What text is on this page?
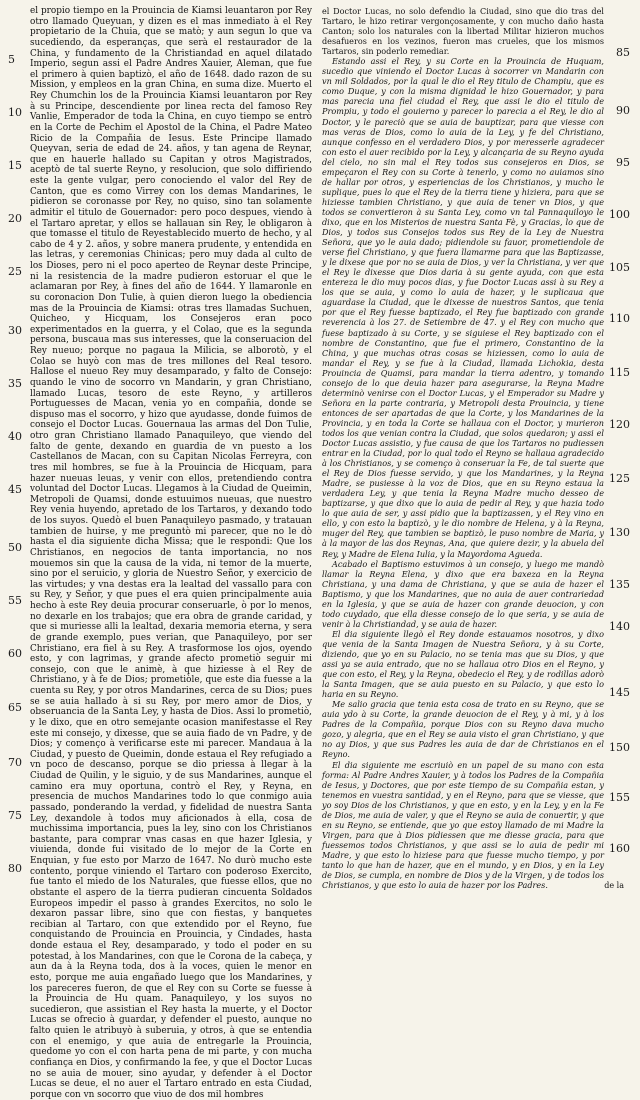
el propio tiempo en la Prouincia de Kiamsi leuantaron por Rey otro llamado Queyuan, y dizen es el mas inmediato à el Rey propietario de la Chuia, que se matò; y aun segun lo que va sucediendo, da esperanças, que serà el restaurador de la China, y fundamento de la Christiandad en aquel dilatado Imperio, segun assi el Padre Andres Xauier, Aleman, que fue el primero à quien baptizò, el año de 1648. dado razon de su Mission, y empleos en la gran China, en suma dize. Muerto el Rey Chumchin los de la Prouincia Kiamsi leuantaron por Rey à su Principe, descendiente por linea recta del famoso Rey Vanlie, Emperador de toda la China, en cuyo tiempo se entrò en la Corte de Pechim el Apostol de la China, el Padre Mateo Ricio de la Compañia de Iesus. Este Principe llamado Queyvan, seria de edad de 24. años, y tan agena de Reynar, que en hauerle hallado su Capitan y otros Magistrados, aceptò de tal suerte Reyno, y resolucion, que solo diffiriendo este la gente vulgar, pero conociendo el valor del Rey de Canton, que es como Virrey con los demas Mandarines, le pidieron se coronasse por Rey, no quiso, sino tan solamente admitir el titulo de Gouernador: pero poco despues, viendo à el Tartaro apretar, y ellos se hallauan sin Rey, le obligaron à que tomasse el titulo de Reyestablecido muerto de hecho, y al cabo de 4 y 2. años, y sobre manera prudente, y entendida en las letras, y ceremonias Chinicas; pero muy dada al culto de los Dioses, pero ni el poco aperteo de Reynar deste Principe, ni la resistencia de la madre pudieron estoruar el que le aclamaran por Rey, à fines del año de 1644. Y llamaronle en su coronacion Don Tulie, à quien dieron luego la obediencia mas de la Prouincia de Kiamsi: otras tres llamadas Suchuen, Quicheo, y Hicquam, los Consejeros eran poco experimentados en la guerra, y el Colao, que es la segunda persona, buscaua mas sus interesses, que la conseruacion del Rey nueuo; porque no pagaua la Milicia, se alborotò, y el Colao se huyò con mas de tres millones del Real tesoro. Hallose el nueuo Rey muy desamparado, y falto de Consejo: quando le vino de socorro vn Mandarin, y gran Christiano, llamado Lucas, tesoro de este Reyno, y artilleros Portuguesses de Macan, venia yo en compañia, donde se dispuso mas el socorro, y hizo que ayudasse, donde fuimos de consejo el Doctor Lucas. Gouernaua las armas del Don Tulie, otro gran Christiano llamado Panaquileyo, que viendo del falto de gente, dexando en guardia de vn puesto a los Castellanos de Macan, con su Capitan Nicolas Ferreyra, con tres mil hombres, se fue à la Prouincia de Hicquam, para hazer nueuas leuas, y venir con ellos, pretendiendo contra voluntad del Doctor Lucas. Llegamos à la Ciudad de Queimin, Metropoli de Quamsi, donde estuuimos nueuas, que nuestro Rey venia huyendo, apretado de los Tartaros, y dexando todo de los suyos. Quedò el buen Panaquileyo pasmado, y tratauan tambien de huirse, y me preguntò mi parecer, que no le dò hasta el dia siguiente dicha Missa; que le respondi: Que los Christianos, en negocios de tanta importancia, no nos mouemos sin que la causa de la vida, ni temor de la muerte, sino por el seruicio, y gloria de Nuestro Señor, y exercicio de las virtudes; y vna destas era la lealtad del vassallo para con su Rey, y Señor, y que pues el era quien principalmente auia hecho à este Rey deuia procurar conseruarle, ò por lo menos, no dexarle en los trabajos; que era obra de grande caridad, y que si muriesse alli la lealtad, dexaria memoria eterna, y sera de grande exemplo, pues verian, que Panaquileyo, por ser Christiano, era fiel à su Rey. A trasformose los ojos, oyendo esto, y con lagrimas, y grande afecto prometiò seguir mi consejo, con que le animè, à que hiziesse à el Rey de Christiano, y à fe de Dios; prometiòle, que este dia fuesse a la cuenta su Rey, y por otros Mandarines, cerca de su Dios; pues se se auia hallado à si su Rey, por mero amor de Dios, y obseruancia de la Santa Ley, y hasta de Dios. Assi lo prometiò, y le dixo, que en otro semejante ocasion manifestasse el Rey este mi consejo, y dixesse, que se auia fiado de vn Padre, y de Dios; y començo à verificarse este mi parecer. Mandaua à la Ciudad, y puesto de Queimin, donde estaua el Rey refugiado a vn poco de descanso, porque se dio priessa à llegar à la Ciudad de Quilin, y le siguio, y de sus Mandarines, aunque el camino era muy oportuna, contrò el Rey, y Reyna, en presencia de muchos Mandarines todo lo que conmigo auia passado, ponderando la verdad, y fidelidad de nuestra Santa Ley, dexandole à todos muy aficionados à ella, cosa de muchissima importancia, pues la ley, sino con los Christianos bastante, para comprar vnas casas en que hazer Iglesia, y viuienda, donde fui visitado de lo mejor de la Corte en Enquian, y fue esto por Marzo de 1647. No durò mucho este contento, porque viniendo el Tartaro con poderoso Exercito, fue tanto el miedo de los Naturales, que fuesse ellos, que no obstante el aspero de la tierra pudieran cincuenta Soldados Europeos impedir el passo à grandes Exercitos, no solo le dexaron passar libre, sino que con fiestas, y banquetes recibian al Tartaro, con que extendido por el Reyno, fue conquistando de Prouincia en Prouincia, y Cindades, hasta donde estaua el Rey, desamparado, y todo el poder en su potestad, à los Mandarines, con que le Corona de la cabeça, y aun da à la Reyna toda, dos à la voces, quien le menor en esto, porque me auia engañado luego que los Mandarines, y los pareceres fueron, de que el Rey con su Corte se fuesse à la Prouincia de Hu quam. Panaquileyo, y los suyos no sucedieron, que assistian el Rey hasta la muerte, y el Doctor Lucas se ofrecio à guardar, y defender el puesto, aunque no falto quien le atribuyò à suberuia, y otros, à que se entendia con el enemigo, y que auia de entregarle la Prouincia, quedome yo con el con harta pena de mi parte, y con mucha confiança en Dios, y confirmando la fee, y que el Doctor Lucas no se auia de mouer, sino ayudar, y defender à el Doctor Lucas se deue, el no auer el Tartaro entrado en esta Ciudad, porque con vn socorro que viuo de dos mil hombres

5
10
15
20
25
30
35
40
45
50
55
60
65
70
75
80

el Doctor Lucas, no solo defendio la Ciudad, sino que dio tras del Tartaro, le hizo retirar vergonçosamente, y con mucho daño hasta Canton; solo los naturales con la libertad Militar hizieron muchos desafueros en los vezinos, fueron mas crueles, que los mismos Tartaros, sin poderlo remediar.

Estando assi el Rey, y su Corte en la Prouincia de Huquam, sucedio que viniendo el Doctor Lucas à socorrer vn Mandarin con vn mil Soldados, por la qual le dio el Rey titulo de Champiu, que es como Duque, y con la misma dignidad le hizo Gouernador, y para mas parecia una fiel ciudad el Rey, que assi le dio el titulo de Prompiu, y todo el gouierno y parecer lo parecia a el Rey, le dio al Doctor, y le pareciò que se auia de bauptizar, para que viesse con mas veras de Dios, como lo auia de la Ley, y fe del Christiano, aunque confesso en el verdadero Dios, y por meresserle agradecer con esto el auer recibido por la Ley, y alcançaria de su Reyno ayuda del cielo, no sin mal el Rey todos sus consejeros en Dios, se empeçaron el Rey con su Corte à tenerlo, y como no auiamos sino de hallar por otros, y esperiencias de los Christianos, y mucho le suplique, pues lo que el Rey de la tierra tiene y hiziera, para que se hiziesse tambien Christiano, y que auia de tener vn Dios, y que todos se convertieron à su Santa Ley, como vn tal Pannaquiloyo le dixo, que en los Misterios de nuestra Santa Fè, y Gracias, lo que de Dios, y todos sus Consejos todos sus Rey de la Ley de Nuestra Señora, que yo le auia dado; pidiendole su fauor, prometiendole de verse fiel Christiano, y que fuera llamarme para que las Baptizasse, y le dixese que por no se auia de Dios, y ver la Christiana, y ver que el Rey le dixesse que Dios daria à su gente ayuda, con que esta entereza le dio muy pocos dias, y fue Doctor Lucas assi à su Rey a los que se auia, y como lo auia de hazer, y le suplicaua que aguardase la Ciudad, que le dixesse de nuestros Santos, que tenia por que el Rey fuesse baptizado, el Rey fue baptizado con grande reverencia à los 27. de Setiembre de 47. y el Rey con mucho que fuese baptizado à su Corte, y se siguiese el Rey baptizado con el nombre de Constantino, que fue el primero, Constantino de la China, y que muchas otras cosas se hiziessen, como lo auia de mandar el Rey, y se fue à la Ciudad, llamada Lichokia, desta Prouincia de Quamsi, para mandar la tierra adentro, y tomando consejo de lo que deuia hazer para asegurarse, la Reyna Madre determinò venirse con el Doctor Lucas, y el Emperador su Madre y Señora en la parte contraria, y Metropoli desta Prouincia, y tiene entonces de ser apartadas de que la Corte, y los Mandarines de la Provincia, y en toda la Corte se hallaua con el Doctor, y murieron todos los que venian contra la Ciudad, que solos quedaron; y assi el Doctor Lucas assistio, y fue causa de que los Tartaros no pudiessen entrar en la Ciudad, por lo qual todo el Reyno se hallaua agradecido à los Christianos, y se començo à conseruar la Fe, de tal suerte que el Rey de Dios fuesse servido, y que los Mandarines, y la Reyna Madre, se pusiesse à la voz de Dios, que en su Reyno estaua la verdadera Ley, y que tenia la Reyna Madre mucho desseo de baptizarse, y que dixo que lo auia de pedir al Rey, y que hazia todo lo que auia de ser, y assi pidio que la baptizassen, y el Rey vino en ello, y con esto la baptizò, y le dio nombre de Helena, y à la Reyna, muger del Rey, que tambien se baptizò, le puso nombre de Maria, y à la mayor de las dos Reynas, Ana, que quiere dezir, y la abuela del Rey, y Madre de Elena Iulia, y la Mayordoma Agueda.

Acabado el Baptismo estuvimos à un consejo, y luego me mandò llamar la Reyna Elena, y dixo que era baxeza en la Reyna Christiana, y una dama de Christiana, y que se auia de hazer el Baptismo, y que los Mandarines, que no auia de auer contrariedad en la Iglesia, y que se auia de hazer con grande deuocion, y con todo cuydado, que ella diesse consejo de lo que seria, y se auia de venir à la Christiandad, y se auia de hazer.

El dia siguiente llegò el Rey donde estauamos nosotros, y dixo que venia de la Santa Imagen de Nuestra Señora, y à su Corte, diziendo, que yo en su Palacio, no se tenia mas que su Dios, y que assi ya se auia entrado, que no se hallaua otro Dios en el Reyno, y que con esto, el Rey, y la Reyna, obedecio el Rey, y de rodillas adorò la Santa Imagen, que se auia puesto en su Palacio, y que esto lo haria en su Reyno.

Me salio gracia que tenia esta cosa de trato en su Reyno, que se auia ydo à su Corte, la grande deuocion de el Rey, y à mi, y à los Padres de la Compañia, porque Dios con su Reyno dava mucho gozo, y alegria, que en el Rey se auia visto el gran Christiano, y que no ay Dios, y que sus Padres les auia de dar de Christianos en el Reyno.

El dia siguiente me escriuiò en un papel de su mano con esta forma: Al Padre Andres Xauier, y à todos los Padres de la Compañia de Iesus, y Doctores, que por este tiempo de su Compañia estan, y tenemos en vuestra santidad, y en el Reyno, para que se viesse, que yo soy Dios de los Christianos, y que en esto, y en la Ley, y en la Fe de Dios, me auia de valer, y que el Reyno se auia de conuertir, y que en su Reyno, se entiende, que yo que estoy llamado de mi Madre la Virgen, para que à Dios pidiessen que me diesse gracia, para que fuessemos todos Christianos, y que assi se lo auia de pedir mi Madre, y que esto lo hiziese para que fuesse mucho tiempo, y por tanto lo que han de hazer, que en el mundo, y en Dios, y en la Ley de Dios, se cumpla, en nombre de Dios y de la Virgen, y de todos los Christianos, y que esto lo auia de hazer por los Padres.

85
90
95
100
105
110
115
120
125
130
135
140
145
150
155
160
de la
